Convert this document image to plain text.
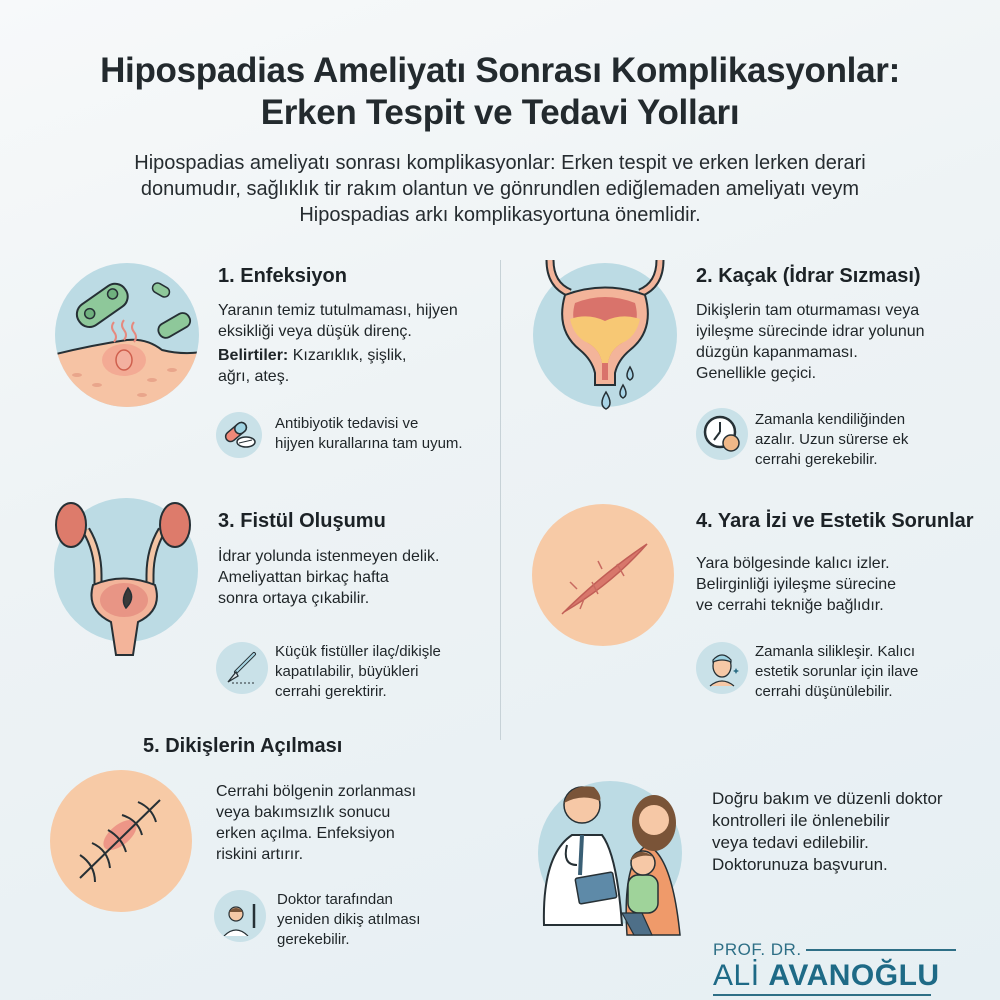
Hipospadias Ameliyatı Sonrası Komplikasyonlar:
Erken Tespit ve Tedavi Yolları
Hipospadias ameliyatı sonrası komplikasyonlar: Erken tespit ve erken lerken derari
donumudır, sağlıklık tir rakım olantun ve gönrundlen ediğlemaden ameliyatı veym
Hipospadias arkı komplikasyortuna önemlidir.
1. Enfeksiyon
Yaranın temiz tutulmaması, hijyen
eksikliği veya düşük direnç.
Belirtiler: Kızarıklık, şişlik,
ağrı, ateş.
Antibiyotik tedavisi ve
hijyen kurallarına tam uyum.
2. Kaçak (İdrar Sızması)
Dikişlerin tam oturmaması veya
iyileşme sürecinde idrar yolunun
düzgün kapanmaması.
Genellikle geçici.
Zamanla kendiliğinden
azalır. Uzun sürerse ek
cerrahi gerekebilir.
3. Fistül Oluşumu
İdrar yolunda istenmeyen delik.
Ameliyattan birkaç hafta
sonra ortaya çıkabilir.
Küçük fistüller ilaç/dikişle
kapatılabilir, büyükleri
cerrahi gerektirir.
4. Yara İzi ve Estetik Sorunlar
Yara bölgesinde kalıcı izler.
Belirginliği iyileşme sürecine
ve cerrahi tekniğe bağlıdır.
Zamanla silikleşir. Kalıcı
estetik sorunlar için ilave
cerrahi düşünülebilir.
5. Dikişlerin Açılması
Cerrahi bölgenin zorlanması
veya bakımsızlık sonucu
erken açılma. Enfeksiyon
riskini artırır.
Doktor tarafından
yeniden dikiş atılması
gerekebilir.
Doğru bakım ve düzenli doktor
kontrolleri ile önlenebilir
veya tedavi edilebilir.
Doktorunuza başvurun.
PROF. DR.
ALİ AVANOĞLU
